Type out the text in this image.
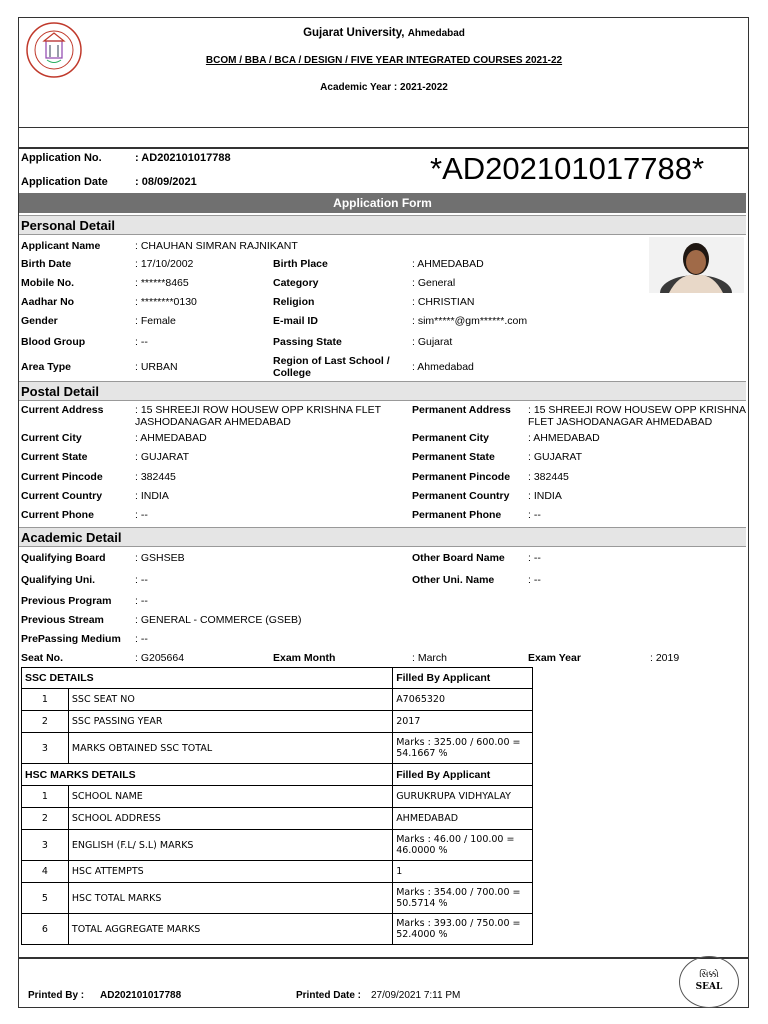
Gujarat University, Ahmedabad
BCOM / BBA / BCA / DESIGN / FIVE YEAR INTEGRATED COURSES 2021-22
Academic Year : 2021-2022
Application No.	: AD202101017788
Application Date : 08/09/2021	*AD202101017788*
Application Form
Personal Detail
Applicant Name	: CHAUHAN SIMRAN RAJNIKANT
Birth Date	: 17/10/2002	Birth Place	: AHMEDABAD
Mobile No.	: ******8465	Category	: General
Aadhar No	: ********0130	Religion	: CHRISTIAN
Gender	: Female	E-mail ID	: sim*****@gm******.com
Blood Group	: --	Passing State	: Gujarat
Area Type	: URBAN	Region of Last School / College	: Ahmedabad
Postal Detail
Current Address	: 15 SHREEJI ROW HOUSEW OPP KRISHNA FLET JASHODANAGAR AHMEDABAD
Permanent Address : 15 SHREEJI ROW HOUSEW OPP KRISHNA FLET JASHODANAGAR AHMEDABAD
Current City	: AHMEDABAD	Permanent City	: AHMEDABAD
Current State	: GUJARAT	Permanent State	: GUJARAT
Current Pincode	: 382445	Permanent Pincode : 382445
Current Country	: INDIA	Permanent Country : INDIA
Current Phone	: --	Permanent Phone	: --
Academic Detail
Qualifying Board	: GSHSEB	Other Board Name : --
Qualifying Uni.	: --	Other Uni. Name	: --
Previous Program : --
Previous Stream	: GENERAL - COMMERCE (GSEB)
PrePassing Medium : --
Seat No.	: G205664	Exam Month	: March	Exam Year	: 2019
SSC DETAILS		Filled By Applicant
1	SSC SEAT NO	A7065320
2	SSC PASSING YEAR	2017
3	MARKS OBTAINED SSC TOTAL	Marks : 325.00 / 600.00 = 54.1667 %
HSC MARKS DETAILS		Filled By Applicant
1	SCHOOL NAME	GURUKRUPA VIDHYALAY
2	SCHOOL ADDRESS	AHMEDABAD
3	ENGLISH (F.L/ S.L) MARKS	Marks : 46.00 / 100.00 = 46.0000 %
4	HSC ATTEMPTS	1
5	HSC TOTAL MARKS	Marks : 354.00 / 700.00 = 50.5714 %
6	TOTAL AGGREGATE MARKS	Marks : 393.00 / 750.00 = 52.4000 %
Printed By : AD202101017788	Printed Date : 27/09/2021 7:11 PM
સિક્કો
SEAL
